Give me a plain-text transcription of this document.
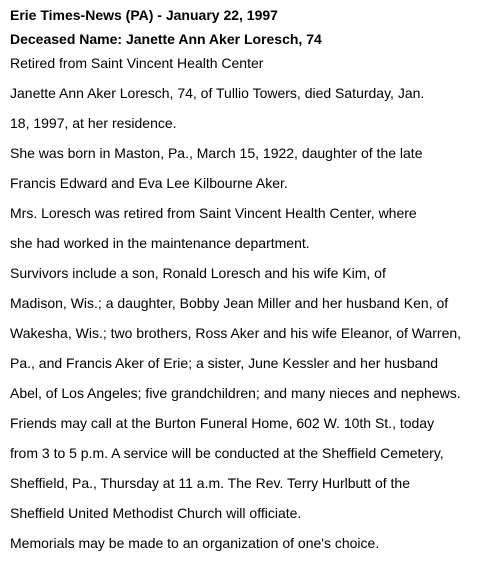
Erie Times-News (PA) - January 22, 1997
Deceased Name: Janette Ann Aker Loresch, 74
Retired from Saint Vincent Health Center
Janette Ann Aker Loresch, 74, of Tullio Towers, died Saturday, Jan.
18, 1997, at her residence.
She was born in Maston, Pa., March 15, 1922, daughter of the late
Francis Edward and Eva Lee Kilbourne Aker.
Mrs. Loresch was retired from Saint Vincent Health Center, where
she had worked in the maintenance department.
Survivors include a son, Ronald Loresch and his wife Kim, of
Madison, Wis.; a daughter, Bobby Jean Miller and her husband Ken, of
Wakesha, Wis.; two brothers, Ross Aker and his wife Eleanor, of Warren,
Pa., and Francis Aker of Erie; a sister, June Kessler and her husband
Abel, of Los Angeles; five grandchildren; and many nieces and nephews.
Friends may call at the Burton Funeral Home, 602 W. 10th St., today
from 3 to 5 p.m. A service will be conducted at the Sheffield Cemetery,
Sheffield, Pa., Thursday at 11 a.m. The Rev. Terry Hurlbutt of the
Sheffield United Methodist Church will officiate.
Memorials may be made to an organization of one's choice.
